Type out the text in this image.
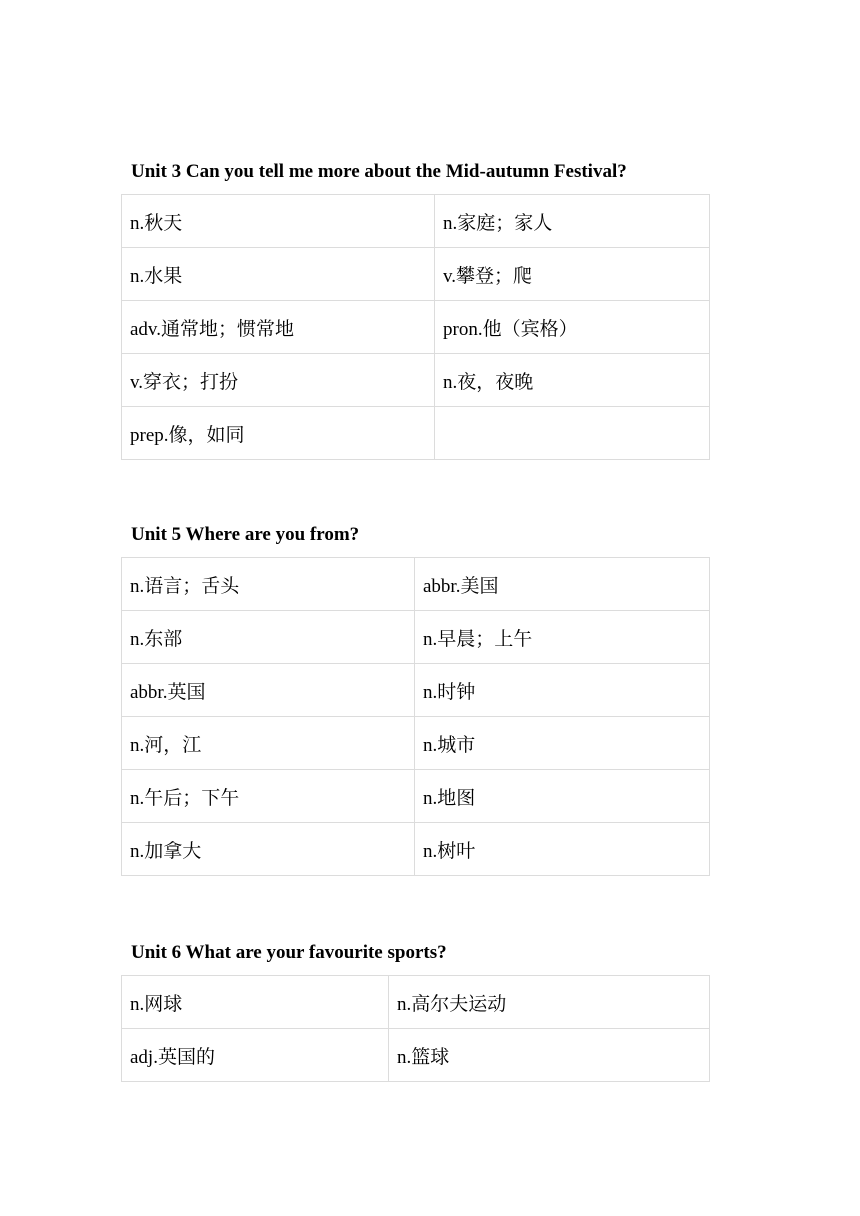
Unit 3 Can you tell me more about the Mid-autumn Festival?
n.秋天	n.家庭；家人
n.水果	v.攀登；爬
adv.通常地；惯常地	pron.他（宾格）
v.穿衣；打扮	n.夜，夜晚
prep.像，如同	
Unit 5 Where are you from?
n.语言；舌头	abbr.美国
n.东部	n.早晨；上午
abbr.英国	n.时钟
n.河，江	n.城市
n.午后；下午	n.地图
n.加拿大	n.树叶
Unit 6 What are your favourite sports?
n.网球	n.高尔夫运动
adj.英国的	n.篮球
